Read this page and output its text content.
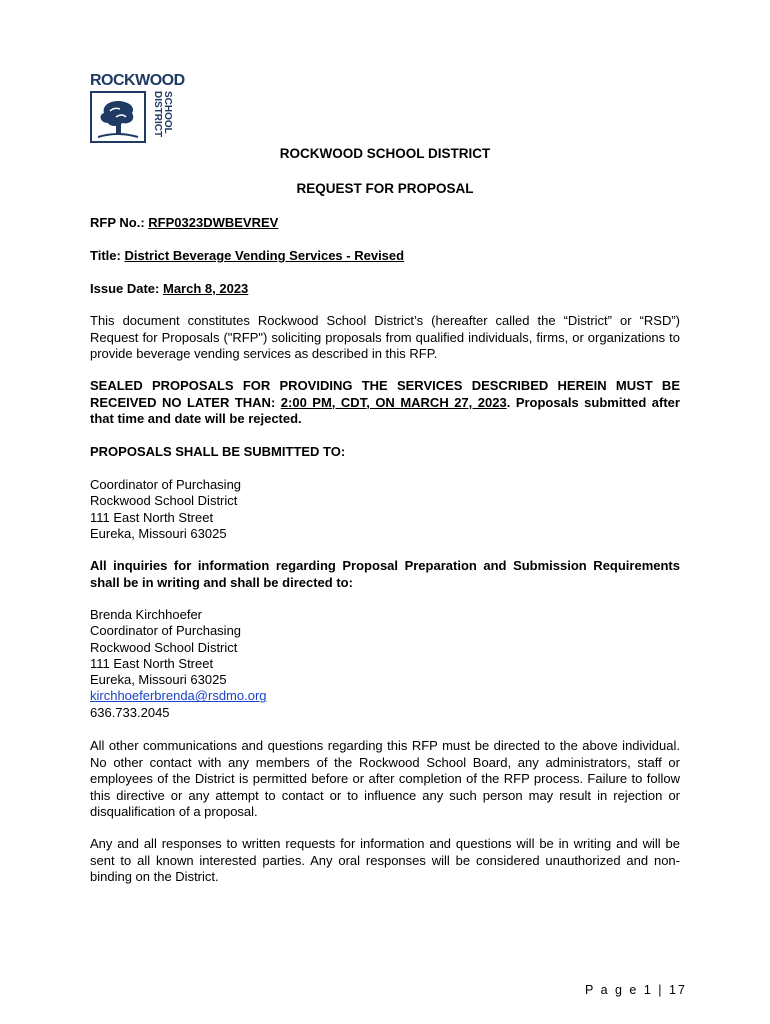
ROCKWOOD
SCHOOL DISTRICT
ROCKWOOD SCHOOL DISTRICT
REQUEST FOR PROPOSAL
RFP No.: RFP0323DWBEVREV
Title: District Beverage Vending Services - Revised
Issue Date: March 8, 2023

This document constitutes Rockwood School District’s (hereafter called the “District” or “RSD”) Request for Proposals ("RFP") soliciting proposals from qualified individuals, firms, or organizations to provide beverage vending services as described in this RFP.

SEALED PROPOSALS FOR PROVIDING THE SERVICES DESCRIBED HEREIN MUST BE RECEIVED NO LATER THAN: 2:00 PM, CDT, ON MARCH 27, 2023. Proposals submitted after that time and date will be rejected.

PROPOSALS SHALL BE SUBMITTED TO:
Coordinator of Purchasing
Rockwood School District
111 East North Street
Eureka, Missouri 63025

All inquiries for information regarding Proposal Preparation and Submission Requirements shall be in writing and shall be directed to:

Brenda Kirchhoefer
Coordinator of Purchasing
Rockwood School District
111 East North Street
Eureka, Missouri 63025
kirchhoeferbrenda@rsdmo.org
636.733.2045

All other communications and questions regarding this RFP must be directed to the above individual. No other contact with any members of the Rockwood School Board, any administrators, staff or employees of the District is permitted before or after completion of the RFP process. Failure to follow this directive or any attempt to contact or to influence any such person may result in rejection or disqualification of a proposal.

Any and all responses to written requests for information and questions will be in writing and will be sent to all known interested parties. Any oral responses will be considered unauthorized and non-binding on the District.

P a g e 1 | 17
